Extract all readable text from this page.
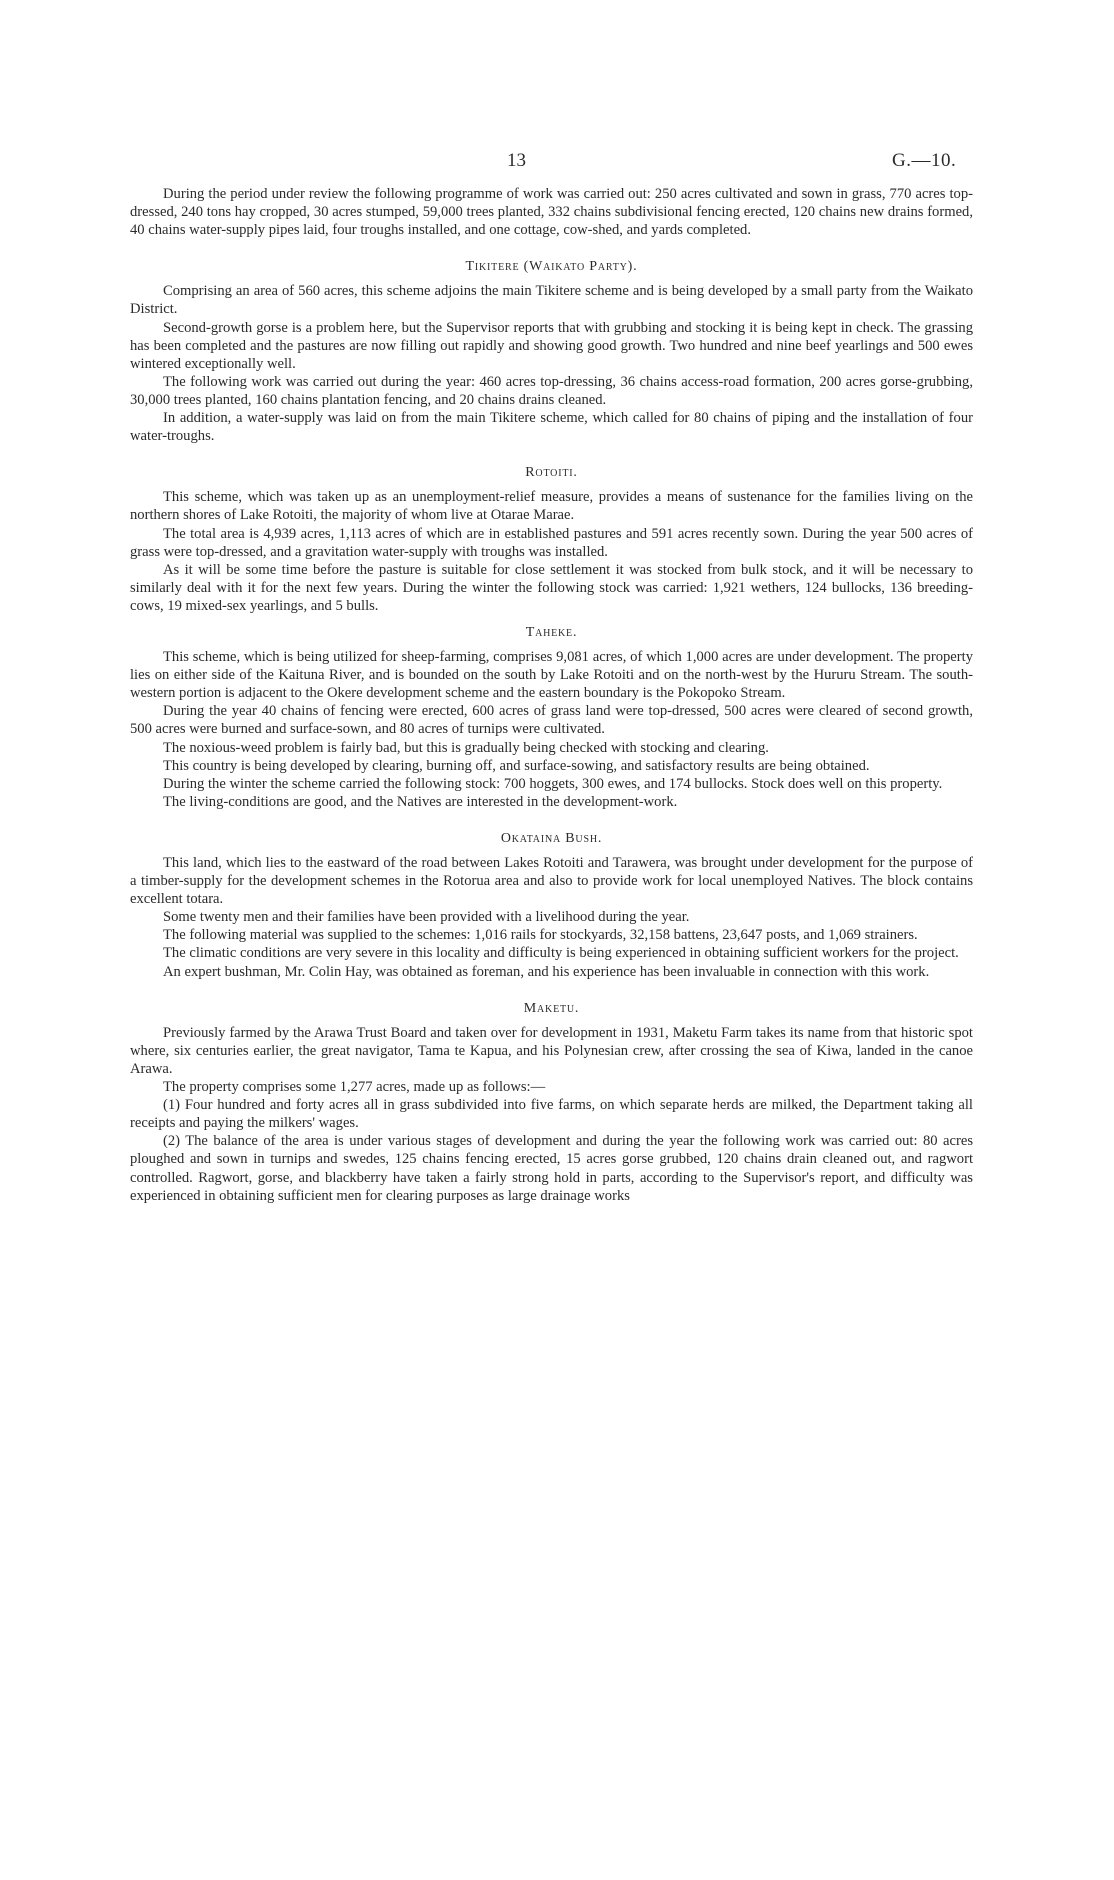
13	G.—10.

During the period under review the following programme of work was carried out: 250 acres cultivated and sown in grass, 770 acres top-dressed, 240 tons hay cropped, 30 acres stumped, 59,000 trees planted, 332 chains subdivisional fencing erected, 120 chains new drains formed, 40 chains water-supply pipes laid, four troughs installed, and one cottage, cow-shed, and yards completed.

Tikitere (Waikato Party).

Comprising an area of 560 acres, this scheme adjoins the main Tikitere scheme and is being developed by a small party from the Waikato District.

Second-growth gorse is a problem here, but the Supervisor reports that with grubbing and stocking it is being kept in check. The grassing has been completed and the pastures are now filling out rapidly and showing good growth. Two hundred and nine beef yearlings and 500 ewes wintered exceptionally well.

The following work was carried out during the year: 460 acres top-dressing, 36 chains access-road formation, 200 acres gorse-grubbing, 30,000 trees planted, 160 chains plantation fencing, and 20 chains drains cleaned.

In addition, a water-supply was laid on from the main Tikitere scheme, which called for 80 chains of piping and the installation of four water-troughs.

Rotoiti.

This scheme, which was taken up as an unemployment-relief measure, provides a means of sustenance for the families living on the northern shores of Lake Rotoiti, the majority of whom live at Otarae Marae.

The total area is 4,939 acres, 1,113 acres of which are in established pastures and 591 acres recently sown. During the year 500 acres of grass were top-dressed, and a gravitation water-supply with troughs was installed.

As it will be some time before the pasture is suitable for close settlement it was stocked from bulk stock, and it will be necessary to similarly deal with it for the next few years. During the winter the following stock was carried: 1,921 wethers, 124 bullocks, 136 breeding-cows, 19 mixed-sex yearlings, and 5 bulls.

Taheke.

This scheme, which is being utilized for sheep-farming, comprises 9,081 acres, of which 1,000 acres are under development. The property lies on either side of the Kaituna River, and is bounded on the south by Lake Rotoiti and on the north-west by the Hururu Stream. The south-western portion is adjacent to the Okere development scheme and the eastern boundary is the Pokopoko Stream.

During the year 40 chains of fencing were erected, 600 acres of grass land were top-dressed, 500 acres were cleared of second growth, 500 acres were burned and surface-sown, and 80 acres of turnips were cultivated.

The noxious-weed problem is fairly bad, but this is gradually being checked with stocking and clearing.

This country is being developed by clearing, burning off, and surface-sowing, and satisfactory results are being obtained.

During the winter the scheme carried the following stock: 700 hoggets, 300 ewes, and 174 bullocks. Stock does well on this property.

The living-conditions are good, and the Natives are interested in the development-work.

Okataina Bush.

This land, which lies to the eastward of the road between Lakes Rotoiti and Tarawera, was brought under development for the purpose of a timber-supply for the development schemes in the Rotorua area and also to provide work for local unemployed Natives. The block contains excellent totara.

Some twenty men and their families have been provided with a livelihood during the year.

The following material was supplied to the schemes: 1,016 rails for stockyards, 32,158 battens, 23,647 posts, and 1,069 strainers.

The climatic conditions are very severe in this locality and difficulty is being experienced in obtaining sufficient workers for the project.

An expert bushman, Mr. Colin Hay, was obtained as foreman, and his experience has been invaluable in connection with this work.

Maketu.

Previously farmed by the Arawa Trust Board and taken over for development in 1931, Maketu Farm takes its name from that historic spot where, six centuries earlier, the great navigator, Tama te Kapua, and his Polynesian crew, after crossing the sea of Kiwa, landed in the canoe Arawa.

The property comprises some 1,277 acres, made up as follows:—

(1) Four hundred and forty acres all in grass subdivided into five farms, on which separate herds are milked, the Department taking all receipts and paying the milkers' wages.

(2) The balance of the area is under various stages of development and during the year the following work was carried out: 80 acres ploughed and sown in turnips and swedes, 125 chains fencing erected, 15 acres gorse grubbed, 120 chains drain cleaned out, and ragwort controlled. Ragwort, gorse, and blackberry have taken a fairly strong hold in parts, according to the Supervisor's report, and difficulty was experienced in obtaining sufficient men for clearing purposes as large drainage works
